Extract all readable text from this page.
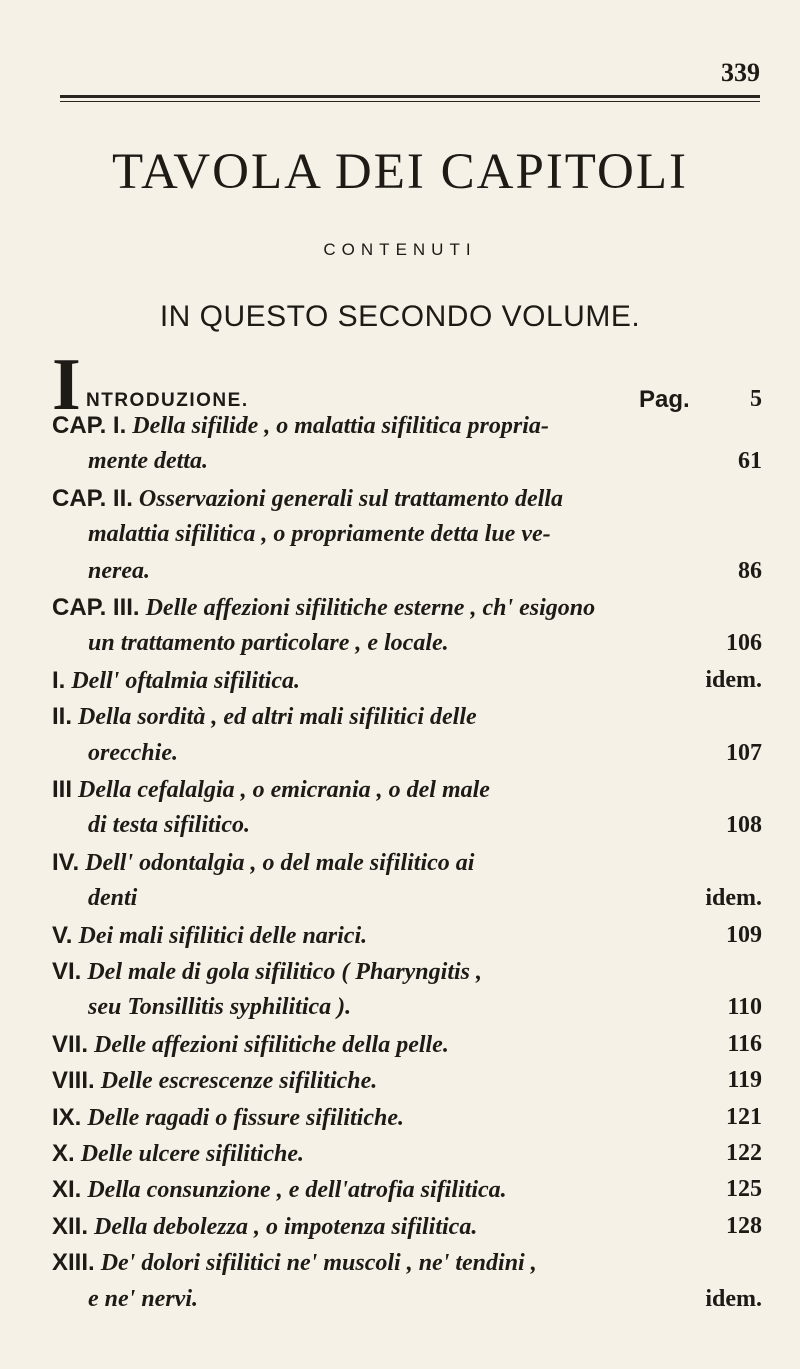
339
TAVOLA DEI CAPITOLI
CONTENUTI
IN QUESTO SECONDO VOLUME.
I NTRODUZIONE.	Pag.	5
CAP. I. Della sifilide , o malattia sifilitica propria-
mente detta.	61
CAP. II. Osservazioni generali sul trattamento della
malattia sifilitica , o propriamente detta lue ve-
nerea.	86
CAP. III. Delle affezioni sifilitiche esterne , ch' esigono
un trattamento particolare , e locale.	106
I. Dell' oftalmia sifilitica.	idem.
II. Della sordità , ed altri mali sifilitici delle
orecchie.	107
III Della cefalalgia , o emicrania , o del male
di testa sifilitico.	108
IV. Dell' odontalgia , o del male sifilitico ai
denti	idem.
V. Dei mali sifilitici delle narici.	109
VI. Del male di gola sifilitico ( Pharyngitis ,
seu Tonsillitis syphilitica ).	110
VII. Delle affezioni sifilitiche della pelle.	116
VIII. Delle escrescenze sifilitiche.	119
IX. Delle ragadi o fissure sifilitiche.	121
X. Delle ulcere sifilitiche.	122
XI. Della consunzione , e dell'atrofia sifilitica.	125
XII. Della debolezza , o impotenza sifilitica.	128
XIII. De' dolori sifilitici ne' muscoli , ne' tendini ,
e ne' nervi.	idem.
